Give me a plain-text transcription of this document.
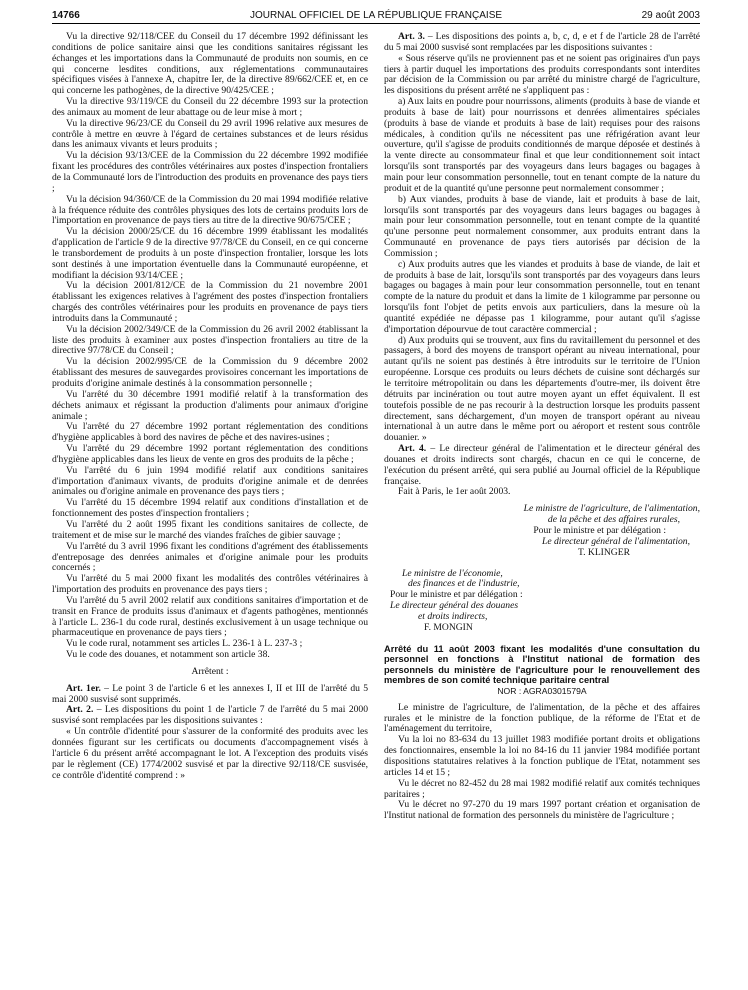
14766	JOURNAL OFFICIEL DE LA RÉPUBLIQUE FRANÇAISE	29 août 2003

Vu la directive 92/118/CEE du Conseil du 17 décembre 1992 définissant les conditions de police sanitaire ainsi que les conditions sanitaires régissant les échanges et les importations dans la Communauté de produits non soumis, en ce qui concerne lesdites conditions, aux réglementations communautaires spécifiques visées à l'annexe A, chapitre Ier, de la directive 89/662/CEE et, en ce qui concerne les pathogènes, de la directive 90/425/CEE ;

Vu la directive 93/119/CE du Conseil du 22 décembre 1993 sur la protection des animaux au moment de leur abattage ou de leur mise à mort ;

Vu la directive 96/23/CE du Conseil du 29 avril 1996 relative aux mesures de contrôle à mettre en œuvre à l'égard de certaines substances et de leurs résidus dans les animaux vivants et leurs produits ;

Vu la décision 93/13/CEE de la Commission du 22 décembre 1992 modifiée fixant les procédures des contrôles vétérinaires aux postes d'inspection frontaliers de la Communauté lors de l'introduction des produits en provenance des pays tiers ;

Vu la décision 94/360/CE de la Commission du 20 mai 1994 modifiée relative à la fréquence réduite des contrôles physiques des lots de certains produits lors de l'importation en provenance de pays tiers au titre de la directive 90/675/CEE ;

Vu la décision 2000/25/CE du 16 décembre 1999 établissant les modalités d'application de l'article 9 de la directive 97/78/CE du Conseil, en ce qui concerne le transbordement de produits à un poste d'inspection frontalier, lorsque les lots sont destinés à une importation éventuelle dans la Communauté européenne, et modifiant la décision 93/14/CEE ;

Vu la décision 2001/812/CE de la Commission du 21 novembre 2001 établissant les exigences relatives à l'agrément des postes d'inspection frontaliers chargés des contrôles vétérinaires pour les produits en provenance de pays tiers introduits dans la Communauté ;

Vu la décision 2002/349/CE de la Commission du 26 avril 2002 établissant la liste des produits à examiner aux postes d'inspection frontaliers au titre de la directive 97/78/CE du Conseil ;

Vu la décision 2002/995/CE de la Commission du 9 décembre 2002 établissant des mesures de sauvegardes provisoires concernant les importations de produits d'origine animale destinés à la consommation personnelle ;

Vu l'arrêté du 30 décembre 1991 modifié relatif à la transformation des déchets animaux et régissant la production d'aliments pour animaux d'origine animale ;

Vu l'arrêté du 27 décembre 1992 portant réglementation des conditions d'hygiène applicables à bord des navires de pêche et des navires-usines ;

Vu l'arrêté du 29 décembre 1992 portant réglementation des conditions d'hygiène applicables dans les lieux de vente en gros des produits de la pêche ;

Vu l'arrêté du 6 juin 1994 modifié relatif aux conditions sanitaires d'importation d'animaux vivants, de produits d'origine animale et de denrées animales ou d'origine animale en provenance des pays tiers ;

Vu l'arrêté du 15 décembre 1994 relatif aux conditions d'installation et de fonctionnement des postes d'inspection frontaliers ;

Vu l'arrêté du 2 août 1995 fixant les conditions sanitaires de collecte, de traitement et de mise sur le marché des viandes fraîches de gibier sauvage ;

Vu l'arrêté du 3 avril 1996 fixant les conditions d'agrément des établissements d'entreposage des denrées animales et d'origine animale pour les produits concernés ;

Vu l'arrêté du 5 mai 2000 fixant les modalités des contrôles vétérinaires à l'importation des produits en provenance des pays tiers ;

Vu l'arrêté du 5 avril 2002 relatif aux conditions sanitaires d'importation et de transit en France de produits issus d'animaux et d'agents pathogènes, mentionnés à l'article L. 236-1 du code rural, destinés exclusivement à un usage technique ou pharmaceutique en provenance de pays tiers ;

Vu le code rural, notamment ses articles L. 236-1 à L. 237-3 ;

Vu le code des douanes, et notamment son article 38.

Arrêtent :

Art. 1er. – Le point 3 de l'article 6 et les annexes I, II et III de l'arrêté du 5 mai 2000 susvisé sont supprimés.

Art. 2. – Les dispositions du point 1 de l'article 7 de l'arrêté du 5 mai 2000 susvisé sont remplacées par les dispositions suivantes :

« Un contrôle d'identité pour s'assurer de la conformité des produits avec les données figurant sur les certificats ou documents d'accompagnement visés à l'article 6 du présent arrêté accompagnant le lot. A l'exception des produits visés par le règlement (CE) 1774/2002 susvisé et par la directive 92/118/CE susvisée, ce contrôle d'identité comprend : »

Art. 3. – Les dispositions des points a, b, c, d, e et f de l'article 28 de l'arrêté du 5 mai 2000 susvisé sont remplacées par les dispositions suivantes :

« Sous réserve qu'ils ne proviennent pas et ne soient pas originaires d'un pays tiers à partir duquel les importations des produits correspondants sont interdites par décision de la Commission ou par arrêté du ministre chargé de l'agriculture, les dispositions du présent arrêté ne s'appliquent pas :

a) Aux laits en poudre pour nourrissons, aliments (produits à base de viande et produits à base de lait) pour nourrissons et denrées alimentaires spéciales (produits à base de viande et produits à base de lait) requises pour des raisons médicales, à condition qu'ils ne nécessitent pas une réfrigération avant leur ouverture, qu'il s'agisse de produits conditionnés de marque déposée et destinés à la vente directe au consommateur final et que leur conditionnement soit intact lorsqu'ils sont transportés par des voyageurs dans leurs bagages ou bagages à main pour leur consommation personnelle, tout en tenant compte de la nature du produit et de la quantité qu'une personne peut normalement consommer ;

b) Aux viandes, produits à base de viande, lait et produits à base de lait, lorsqu'ils sont transportés par des voyageurs dans leurs bagages ou bagages à main pour leur consommation personnelle, tout en tenant compte de la quantité qu'une personne peut normalement consommer, aux produits entrant dans la Communauté en provenance de pays tiers autorisés par décision de la Commission ;

c) Aux produits autres que les viandes et produits à base de viande, de lait et de produits à base de lait, lorsqu'ils sont transportés par des voyageurs dans leurs bagages ou bagages à main pour leur consommation personnelle, tout en tenant compte de la nature du produit et dans la limite de 1 kilogramme par personne ou lorsqu'ils font l'objet de petits envois aux particuliers, dans la mesure où la quantité expédiée ne dépasse pas 1 kilogramme, pour autant qu'il s'agisse d'importation dépourvue de tout caractère commercial ;

d) Aux produits qui se trouvent, aux fins du ravitaillement du personnel et des passagers, à bord des moyens de transport opérant au niveau international, pour autant qu'ils ne soient pas destinés à être introduits sur le territoire de l'Union européenne. Lorsque ces produits ou leurs déchets de cuisine sont déchargés sur le territoire métropolitain ou dans les départements d'outre-mer, ils doivent être détruits par incinération ou tout autre moyen ayant un effet équivalent. Il est toutefois possible de ne pas recourir à la destruction lorsque les produits passent directement, sans déchargement, d'un moyen de transport opérant au niveau international à un autre dans le même port ou aéroport et restent sous contrôle douanier. »

Art. 4. – Le directeur général de l'alimentation et le directeur général des douanes et droits indirects sont chargés, chacun en ce qui le concerne, de l'exécution du présent arrêté, qui sera publié au Journal officiel de la République française.

Fait à Paris, le 1er août 2003.

Le ministre de l'agriculture, de l'alimentation,

de la pêche et des affaires rurales,

Pour le ministre et par délégation :

Le directeur général de l'alimentation,

T. KLINGER

Le ministre de l'économie,

des finances et de l'industrie,

Pour le ministre et par délégation :

Le directeur général des douanes

et droits indirects,

F. MONGIN

Arrêté du 11 août 2003 fixant les modalités d'une consultation du personnel en fonctions à l'Institut national de formation des personnels du ministère de l'agriculture pour le renouvellement des membres de son comité technique paritaire central

NOR : AGRA0301579A

Le ministre de l'agriculture, de l'alimentation, de la pêche et des affaires rurales et le ministre de la fonction publique, de la réforme de l'Etat et de l'aménagement du territoire,

Vu la loi no 83-634 du 13 juillet 1983 modifiée portant droits et obligations des fonctionnaires, ensemble la loi no 84-16 du 11 janvier 1984 modifiée portant dispositions statutaires relatives à la fonction publique de l'Etat, notamment ses articles 14 et 15 ;

Vu le décret no 82-452 du 28 mai 1982 modifié relatif aux comités techniques paritaires ;

Vu le décret no 97-270 du 19 mars 1997 portant création et organisation de l'Institut national de formation des personnels du ministère de l'agriculture ;
